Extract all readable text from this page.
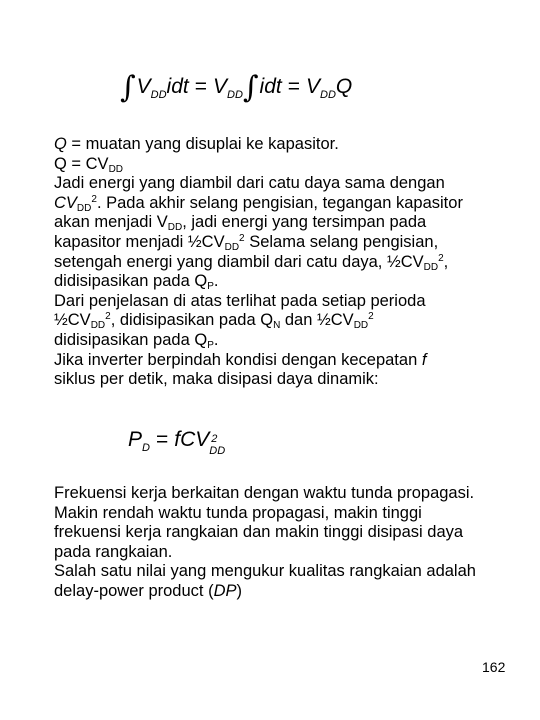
$\int V_{DD}idt = V_{DD}\int idt = V_{DD}Q$
Q = muatan yang disuplai ke kapasitor.
$Q = CV_{DD}$
Jadi energi yang diambil dari catu daya sama dengan
$CV_{DD}^2$. Pada akhir selang pengisian, tegangan kapasitor
akan menjadi $V_{DD}$, jadi energi yang tersimpan pada
kapasitor menjadi $\frac{1}{2}CV_{DD}^2$ Selama selang pengisian,
setengah energi yang diambil dari catu daya, $\frac{1}{2}CV_{DD}^2$,
didisipasikan pada $Q_P$.
Dari penjelasan di atas terlihat pada setiap perioda
$\frac{1}{2}CV_{DD}^2$, didisipasikan pada $Q_N$ dan $\frac{1}{2}CV_{DD}^2$
didisipasikan pada $Q_P$.
Jika inverter berpindah kondisi dengan kecepatan f
siklus per detik, maka disipasi daya dinamik:
$P_D$ = fCV 2
DD
Frekuensi kerja berkaitan dengan waktu tunda propagasi.
Makin rendah waktu tunda propagasi, makin tinggi
frekuensi kerja rangkaian dan makin tinggi disipasi daya
pada rangkaian.
Salah satu nilai yang mengukur kualitas rangkaian adalah
delay-power product (DP)
162
